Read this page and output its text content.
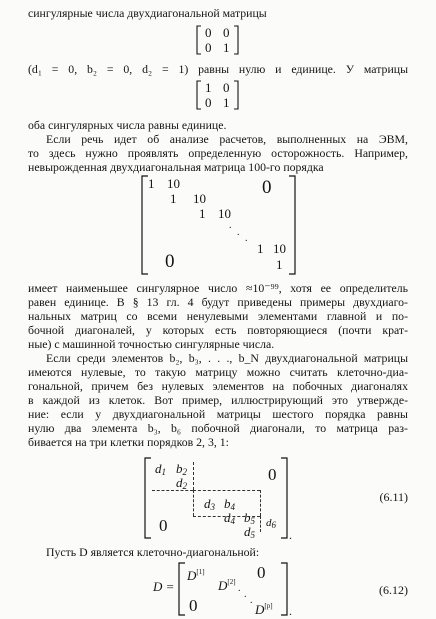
сингулярные числа двухдиагональной матрицы
0 0
0 1
(d₁ = 0, b₂ = 0, d₂ = 1) равны нулю и единице. У матрицы
1 0
0 1
оба сингулярных числа равны единице.
Если речь идет об анализе расчетов, выполненных на ЭВМ,
то здесь нужно проявлять определенную осторожность. Например,
невырожденная двухдиагональная матрица 100-го порядка
1 10
1 10
1 10
.
.
.
1 10
1
0
0
имеет наименьшее сингулярное число ≈10⁻⁹⁹, хотя ее определитель
равен единице. В § 13 гл. 4 будут приведены примеры двухдиаго-
нальных матриц со всеми ненулевыми элементами главной и по-
бочной диагоналей, у которых есть повторяющиеся (почти крат-
ные) с машинной точностью сингулярные числа.
Если среди элементов b₂, b₃, . . ., b_N двухдиагональной матрицы
имеются нулевые, то такую матрицу можно считать клеточно-диа-
гональной, причем без нулевых элементов на побочных диагоналях
в каждой из клеток. Вот пример, иллюстрирующий это утвержде-
ние: если у двухдиагональной матрицы шестого порядка равны
нулю два элемента b₃, b₆ побочной диагонали, то матрица раз-
бивается на три клетки порядков 2, 3, 1:
$d_1$ $b_2$
$d_2$
$d_3$ $b_4$
$d_4$ $b_5$
$d_5$
$d_6$
0
0	.
(6.11)
Пусть D является клеточно-диагональной:
D =
D[1]
D[2]
.
.
.
D[p]
0
0	.
(6.12)
